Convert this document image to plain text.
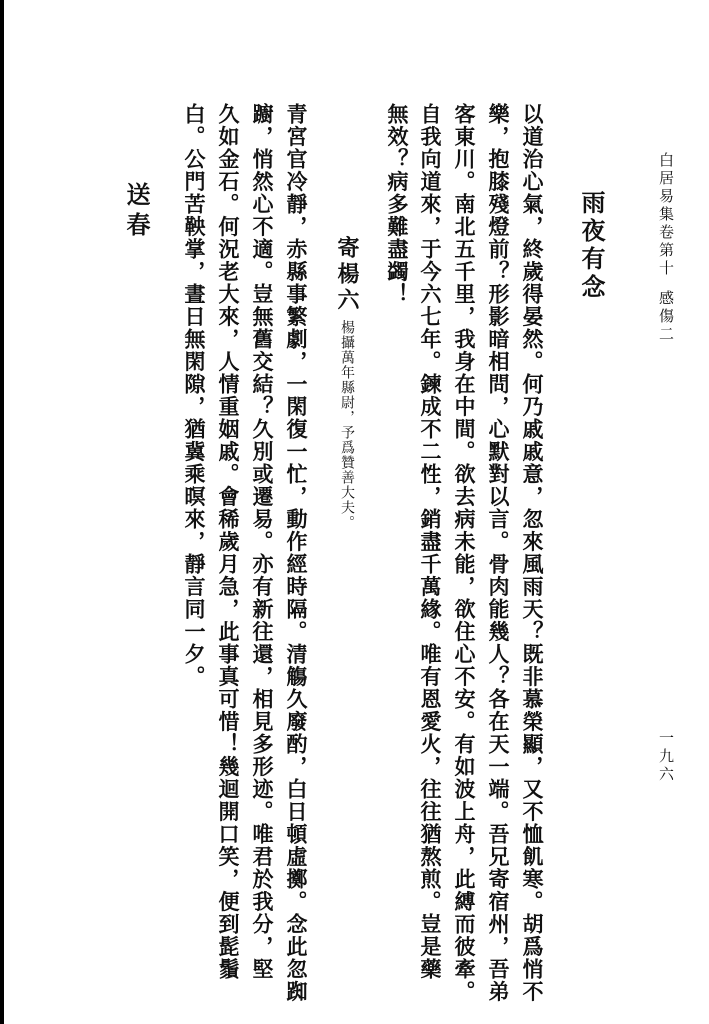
白居易集卷第十
感傷二
一九六
雨夜有念
以道治心氣，終歲得晏然。何乃戚戚意，忽來風雨天？既非慕榮顯，又不恤飢寒。胡爲悄不
樂，抱膝殘燈前？形影暗相問，心默對以言。骨肉能幾人？各在天一端。吾兄寄宿州，吾弟
客東川。南北五千里，我身在中間。欲去病未能，欲住心不安。有如波上舟，此縛而彼牽。
自我向道來，于今六七年。鍊成不二性，銷盡千萬緣。唯有恩愛火，往往猶熬煎。豈是藥
無效？病多難盡蠲！
寄楊六楊攝萬年縣尉，予爲贊善大夫。
青宮官冷靜，赤縣事繁劇，一閑復一忙，動作經時隔。清觴久廢酌，白日頓虛擲。念此忽踟
躕，悄然心不適。豈無舊交結？久別或遷易。亦有新往還，相見多形迹。唯君於我分，堅
久如金石。何況老大來，人情重姻戚。會稀歲月急，此事真可惜！幾迴開口笑，便到髭鬚
白。公門苦鞅掌，晝日無閑隙，猶冀乘暝來，靜言同一夕。
送春
